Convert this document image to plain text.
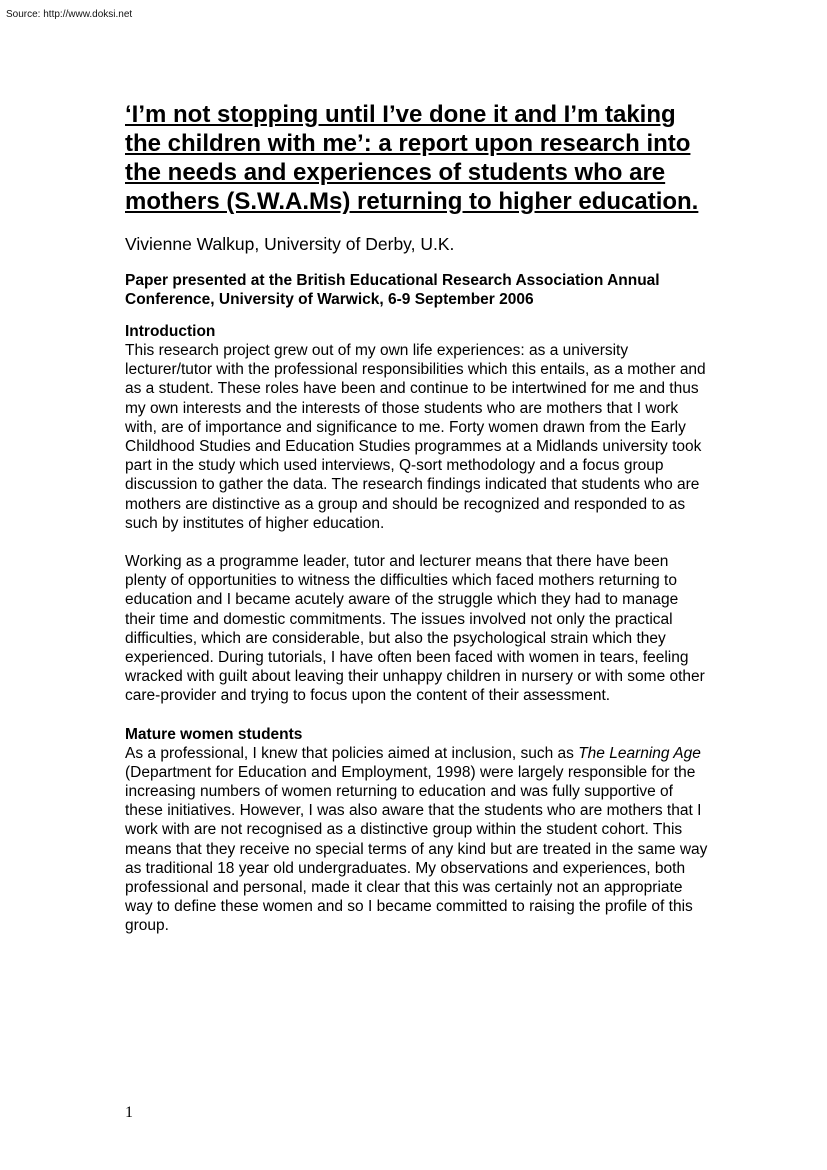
Source: http://www.doksi.net
‘I’m not stopping until I’ve done it and I’m taking the children with me’: a report upon research into the needs and experiences of students who are mothers (S.W.A.Ms) returning to higher education.

Vivienne Walkup, University of Derby, U.K.

Paper presented at the British Educational Research Association Annual Conference, University of Warwick, 6-9 September 2006

Introduction

This research project grew out of my own life experiences: as a university lecturer/tutor with the professional responsibilities which this entails, as a mother and as a student. These roles have been and continue to be intertwined for me and thus my own interests and the interests of those students who are mothers that I work with, are of importance and significance to me. Forty women drawn from the Early Childhood Studies and Education Studies programmes at a Midlands university took part in the study which used interviews, Q-sort methodology and a focus group discussion to gather the data. The research findings indicated that students who are mothers are distinctive as a group and should be recognized and responded to as such by institutes of higher education.

Working as a programme leader, tutor and lecturer means that there have been plenty of opportunities to witness the difficulties which faced mothers returning to education and I became acutely aware of the struggle which they had to manage their time and domestic commitments. The issues involved not only the practical difficulties, which are considerable, but also the psychological strain which they experienced. During tutorials, I have often been faced with women in tears, feeling wracked with guilt about leaving their unhappy children in nursery or with some other care-provider and trying to focus upon the content of their assessment.

Mature women students

As a professional, I knew that policies aimed at inclusion, such as The Learning Age (Department for Education and Employment, 1998) were largely responsible for the increasing numbers of women returning to education and was fully supportive of these initiatives. However, I was also aware that the students who are mothers that I work with are not recognised as a distinctive group within the student cohort. This means that they receive no special terms of any kind but are treated in the same way as traditional 18 year old undergraduates. My observations and experiences, both professional and personal, made it clear that this was certainly not an appropriate way to define these women and so I became committed to raising the profile of this group.

1
